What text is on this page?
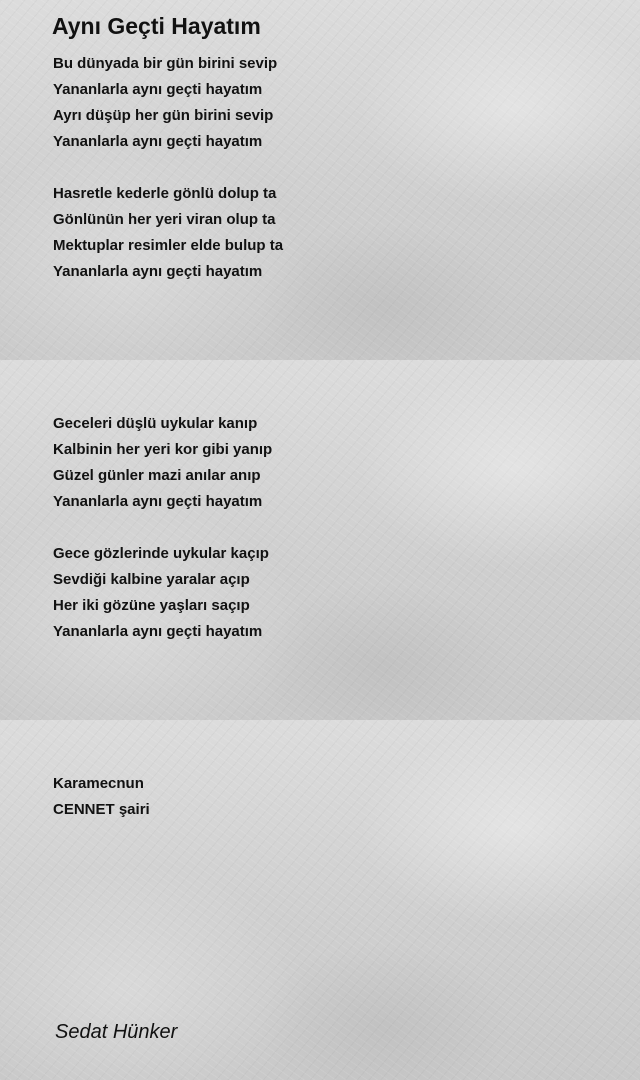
Aynı Geçti Hayatım
Bu dünyada bir gün birini sevip
Yananlarla aynı geçti hayatım
Ayrı düşüp her gün birini sevip
Yananlarla aynı geçti hayatım
Hasretle kederle gönlü dolup ta
Gönlünün her yeri viran olup ta
Mektuplar resimler elde bulup ta
Yananlarla aynı geçti hayatım
Geceleri düşlü uykular kanıp
Kalbinin her yeri kor gibi yanıp
Güzel günler mazi anılar anıp
Yananlarla aynı geçti hayatım
Gece gözlerinde uykular kaçıp
Sevdiği kalbine yaralar açıp
Her iki gözüne yaşları saçıp
Yananlarla aynı geçti hayatım
Karamecnun
CENNET şairi
Sedat Hünker
